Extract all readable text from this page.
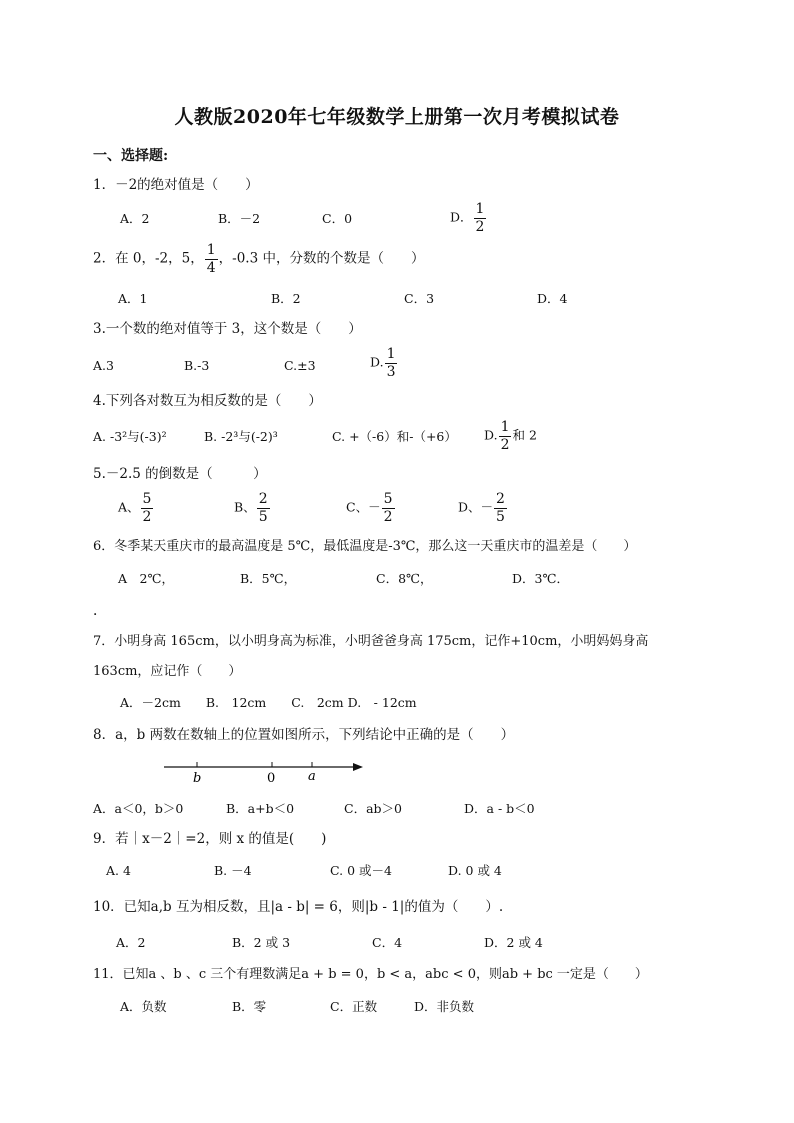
人教版2020年七年级数学上册第一次月考模拟试卷
一、选择题:
1．－2的绝对值是（　　）
A．2	B．－2	C．0	D． $\frac{1}{2}$
2．在 0，-2，5， $\frac{1}{4}$ ，-0.3 中，分数的个数是（　　）
A．1	B．2	C．3	D．4
3.一个数的绝对值等于 3，这个数是（　　）
A.3	B.-3	C.±3	D. $\frac{1}{3}$
4.下列各对数互为相反数的是（　　）
A. -3²与(-3)²	B. -2³与(-2)³	C. +（-6）和-（+6） D. $\frac{1}{2}$ 和 2
5.－2.5 的倒数是（　　　）
A、 $\frac{5}{2}$	B、 $\frac{2}{5}$	C、－ $\frac{5}{2}$	D、－ $\frac{2}{5}$
6．冬季某天重庆市的最高温度是 5℃，最低温度是-3℃，那么这一天重庆市的温差是（　　）
A　2℃，	B．5℃，	C．8℃，	D．3℃．
．
7．小明身高 165cm，以小明身高为标准，小明爸爸身高 175cm，记作+10cm，小明妈妈身高
163cm，应记作（　　）
A．－2cm　　B.　12cm　　C.　2cm D.　- 12cm
8．a，b 两数在数轴上的位置如图所示，下列结论中正确的是（　　）
b	0	a
A．a＜0，b＞0	B．a+b＜0	C．ab＞0	D．a - b＜0
9．若｜x－2｜=2，则 x 的值是(　　)
A. 4	B. －4	C. 0 或－4	D. 0 或 4
10．已知a,b 互为相反数，且|a - b| = 6，则|b - 1|的值为（　　）.
A．2	B．2 或 3	C．4	D．2 或 4
11．已知a 、b 、c 三个有理数满足a + b = 0，b < a，abc < 0，则ab + bc 一定是（　　）
A．负数	B．零	C．正数	D．非负数
